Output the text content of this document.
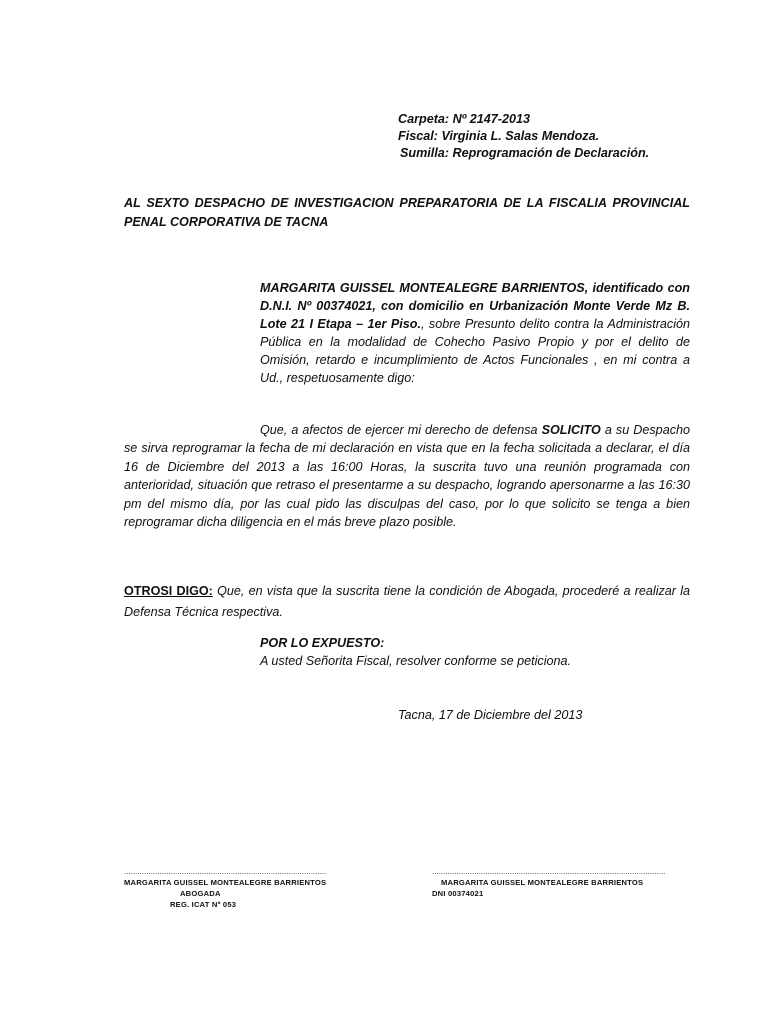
Carpeta: Nº 2147-2013
Fiscal: Virginia L. Salas Mendoza.
Sumilla: Reprogramación de Declaración.
AL SEXTO DESPACHO DE INVESTIGACION PREPARATORIA DE LA FISCALIA PROVINCIAL PENAL CORPORATIVA DE TACNA
MARGARITA GUISSEL MONTEALEGRE BARRIENTOS, identificado con D.N.I. Nº 00374021, con domicilio en Urbanización Monte Verde Mz B. Lote 21 I Etapa – 1er Piso., sobre Presunto delito contra la Administración Pública en la modalidad de Cohecho Pasivo Propio y por el delito de Omisión, retardo e incumplimiento de Actos Funcionales , en mi contra a Ud., respetuosamente digo:
Que, a afectos de ejercer mi derecho de defensa SOLICITO a su Despacho se sirva reprogramar la fecha de mi declaración en vista que en la fecha solicitada a declarar, el día 16 de Diciembre del 2013 a las 16:00 Horas, la suscrita tuvo una reunión programada con anterioridad, situación que retraso el presentarme a su despacho, logrando apersonarme a las 16:30 pm del mismo día, por las cual pido las disculpas del caso, por lo que solicito se tenga a bien reprogramar dicha diligencia en el más breve plazo posible.
OTROSI DIGO: Que, en vista que la suscrita tiene la condición de Abogada, procederé a realizar la Defensa Técnica respectiva.
POR LO EXPUESTO:
A usted Señorita Fiscal, resolver conforme se peticiona.
Tacna, 17 de Diciembre del 2013
...........................................................................................
MARGARITA GUISSEL MONTEALEGRE BARRIENTOS
ABOGADA
REG. ICAT Nº 053
.........................................................................................................
MARGARITA GUISSEL MONTEALEGRE BARRIENTOS
DNI 00374021
